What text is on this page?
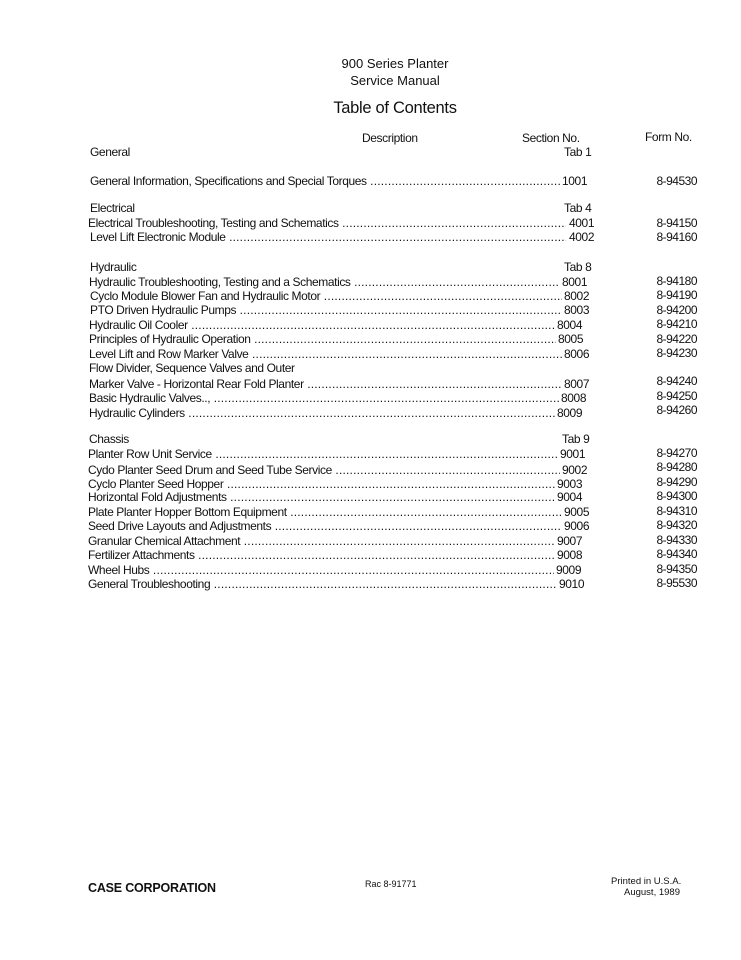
900 Series Planter
Service Manual
Table of Contents
Description	Section No.	Form No.
General	Tab 1
General Information, Specifications and Special Torques .....	1001	8-94530
Electrical	Tab 4
Electrical Troubleshooting, Testing and Schematics .....	4001	8-94150
Level Lift Electronic Module .....	4002	8-94160
Hydraulic	Tab 8
Hydraulic Troubleshooting, Testing and a Schematics .....	8001	8-94180
Cyclo Module Blower Fan and Hydraulic Motor .....	8002	8-94190
PTO Driven Hydraulic Pumps .....	8003	8-94200
Hydraulic Oil Cooler .....	8004	8-94210
Principles of Hydraulic Operation .....	8005	8-94220
Level Lift and Row Marker Valve .....	8006	8-94230
Flow Divider, Sequence Valves and Outer
Marker Valve - Horizontal Rear Fold Planter .....	8007	8-94240
Basic Hydraulic Valves.., .....	8008	8-94250
Hydraulic Cylinders .....	8009	8-94260
Chassis	Tab 9
Planter Row Unit Service .....	9001	8-94270
Cydo Planter Seed Drum and Seed Tube Service .....	9002	8-94280
Cyclo Planter Seed Hopper .....	9003	8-94290
Horizontal Fold Adjustments .....	9004	8-94300
Plate Planter Hopper Bottom Equipment .....	9005	8-94310
Seed Drive Layouts and Adjustments .....	9006	8-94320
Granular Chemical Attachment .....	9007	8-94330
Fertilizer Attachments .....	9008	8-94340
Wheel Hubs .....	9009	8-94350
General Troubleshooting .....	9010	8-95530
CASE CORPORATION	Rac 8-91771	Printed in U.S.A.
August, 1989
